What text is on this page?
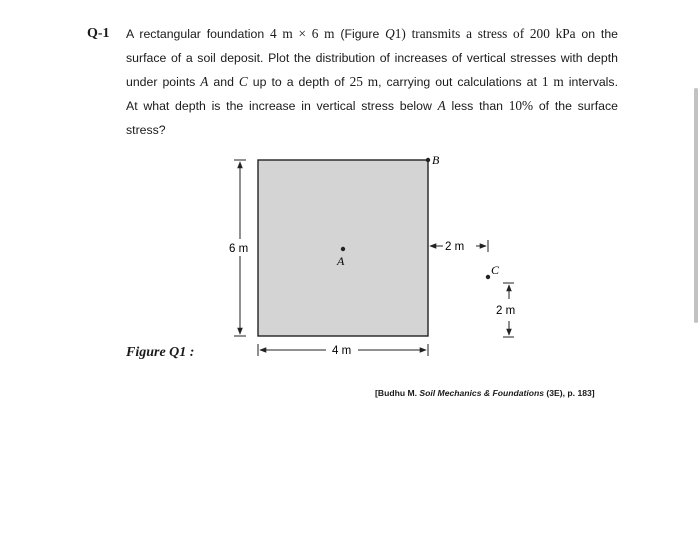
Q-1 A rectangular foundation 4 m × 6 m (Figure Q1) transmits a stress of 200 kPa on the
surface of a soil deposit. Plot the distribution of increases of vertical stresses with depth
under points A and C up to a depth of 25 m, carrying out calculations at 1 m intervals.
At what depth is the increase in vertical stress below A less than 10% of the surface
stress?
Figure Q1 :
A
B
6 m
4 m
2 m
C
2 m
[Budhu M. Soil Mechanics & Foundations (3E), p. 183]
